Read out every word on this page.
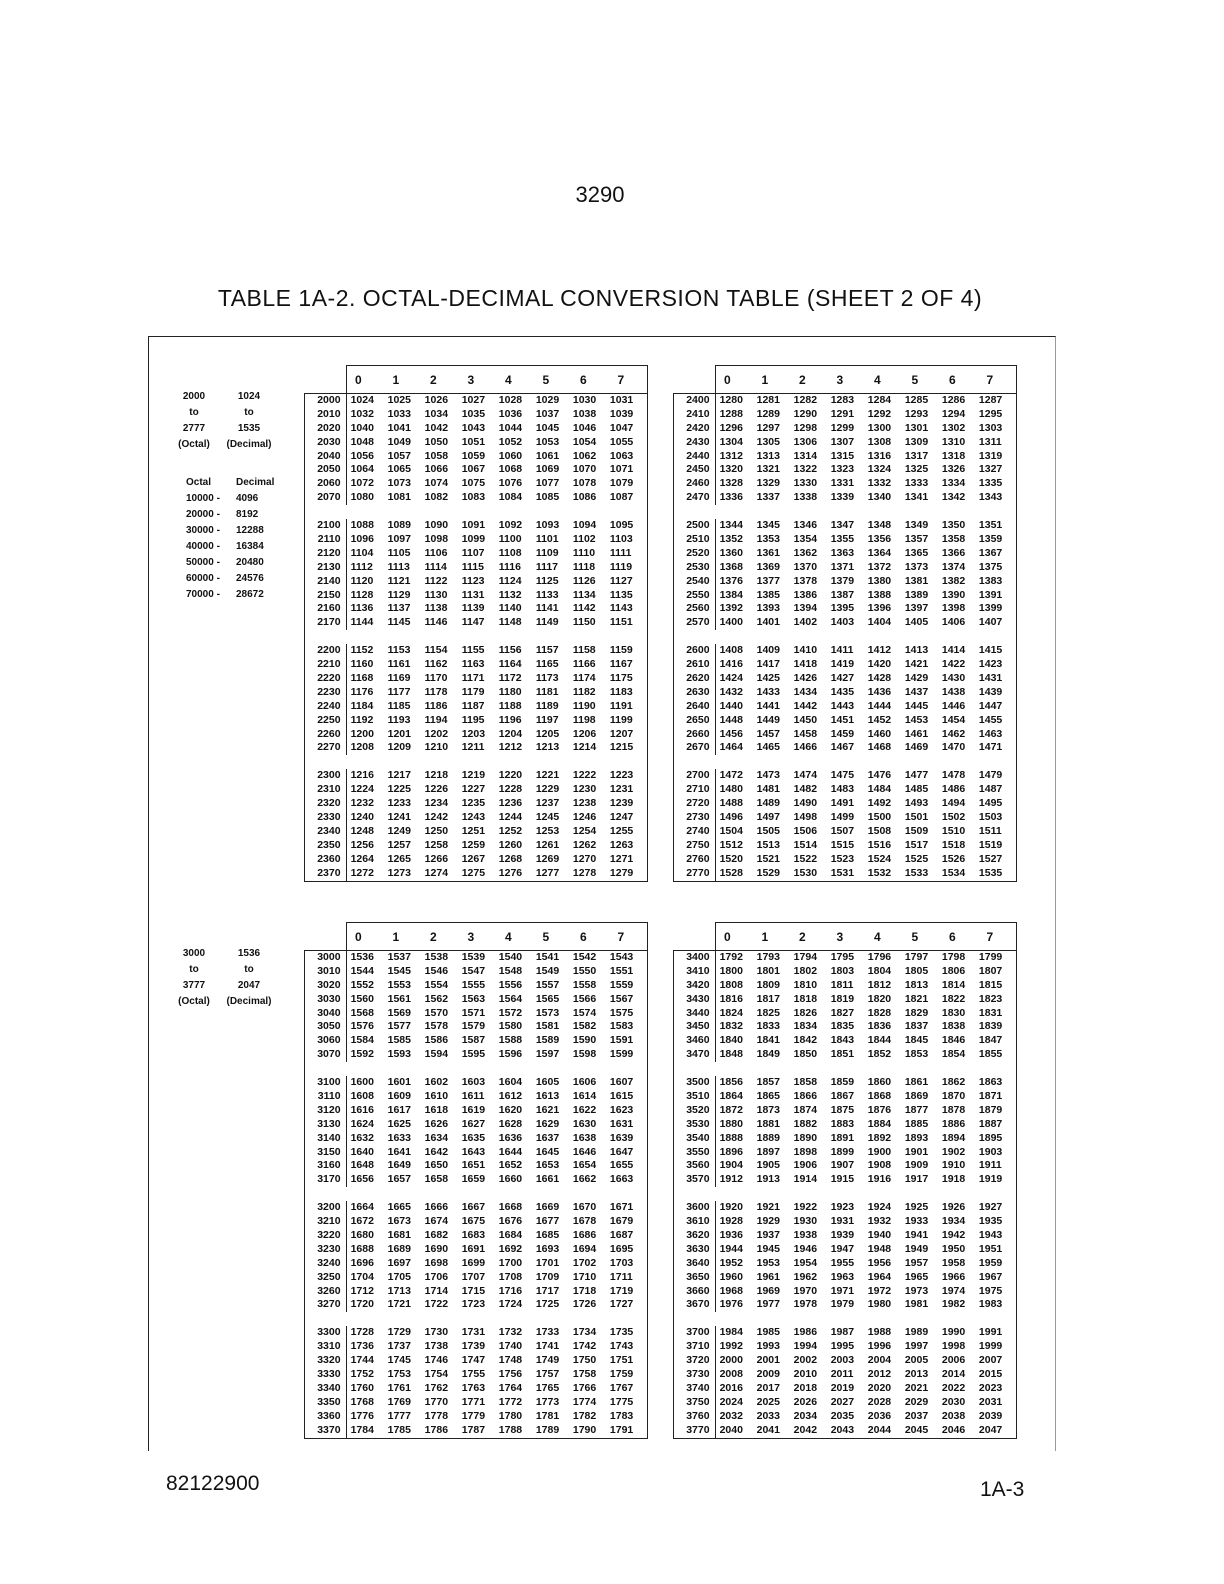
3290
TABLE 1A-2. OCTAL-DECIMAL CONVERSION TABLE (SHEET 2 OF 4)
2000	1024
to	to
2777	1535
(Octal)	(Decimal)
Octal	Decimal
10000 -	4096
20000 -	8192
30000 -	12288
40000 -	16384
50000 -	20480
60000 -	24576
70000 -	28672
0	1	2	3	4	5	6	7
2000 1024	1025	1026	1027	1028	1029	1030	1031
2010 1032	1033	1034	1035	1036	1037	1038	1039
2020 1040	1041	1042	1043	1044	1045	1046	1047
2030 1048	1049	1050	1051	1052	1053	1054	1055
2040 1056	1057	1058	1059	1060	1061	1062	1063
2050 1064	1065	1066	1067	1068	1069	1070	1071
2060 1072	1073	1074	1075	1076	1077	1078	1079
2070 1080	1081	1082	1083	1084	1085	1086	1087
2100 1088	1089	1090	1091	1092	1093	1094	1095
2110 1096	1097	1098	1099	1100	1101	1102	1103
2120 1104	1105	1106	1107	1108	1109	1110	1111
2130 1112	1113	1114	1115	1116	1117	1118	1119
2140 1120	1121	1122	1123	1124	1125	1126	1127
2150 1128	1129	1130	1131	1132	1133	1134	1135
2160 1136	1137	1138	1139	1140	1141	1142	1143
2170 1144	1145	1146	1147	1148	1149	1150	1151
2200 1152	1153	1154	1155	1156	1157	1158	1159
2210 1160	1161	1162	1163	1164	1165	1166	1167
2220 1168	1169	1170	1171	1172	1173	1174	1175
2230 1176	1177	1178	1179	1180	1181	1182	1183
2240 1184	1185	1186	1187	1188	1189	1190	1191
2250 1192	1193	1194	1195	1196	1197	1198	1199
2260 1200	1201	1202	1203	1204	1205	1206	1207
2270 1208	1209	1210	1211	1212	1213	1214	1215
2300 1216	1217	1218	1219	1220	1221	1222	1223
2310 1224	1225	1226	1227	1228	1229	1230	1231
2320 1232	1233	1234	1235	1236	1237	1238	1239
2330 1240	1241	1242	1243	1244	1245	1246	1247
2340 1248	1249	1250	1251	1252	1253	1254	1255
2350 1256	1257	1258	1259	1260	1261	1262	1263
2360 1264	1265	1266	1267	1268	1269	1270	1271
2370 1272	1273	1274	1275	1276	1277	1278	1279
0	1	2	3	4	5	6	7
2400 1280	1281	1282	1283	1284	1285	1286	1287
2410 1288	1289	1290	1291	1292	1293	1294	1295
2420 1296	1297	1298	1299	1300	1301	1302	1303
2430 1304	1305	1306	1307	1308	1309	1310	1311
2440 1312	1313	1314	1315	1316	1317	1318	1319
2450 1320	1321	1322	1323	1324	1325	1326	1327
2460 1328	1329	1330	1331	1332	1333	1334	1335
2470 1336	1337	1338	1339	1340	1341	1342	1343
2500 1344	1345	1346	1347	1348	1349	1350	1351
2510 1352	1353	1354	1355	1356	1357	1358	1359
2520 1360	1361	1362	1363	1364	1365	1366	1367
2530 1368	1369	1370	1371	1372	1373	1374	1375
2540 1376	1377	1378	1379	1380	1381	1382	1383
2550 1384	1385	1386	1387	1388	1389	1390	1391
2560 1392	1393	1394	1395	1396	1397	1398	1399
2570 1400	1401	1402	1403	1404	1405	1406	1407
2600 1408	1409	1410	1411	1412	1413	1414	1415
2610 1416	1417	1418	1419	1420	1421	1422	1423
2620 1424	1425	1426	1427	1428	1429	1430	1431
2630 1432	1433	1434	1435	1436	1437	1438	1439
2640 1440	1441	1442	1443	1444	1445	1446	1447
2650 1448	1449	1450	1451	1452	1453	1454	1455
2660 1456	1457	1458	1459	1460	1461	1462	1463
2670 1464	1465	1466	1467	1468	1469	1470	1471
2700 1472	1473	1474	1475	1476	1477	1478	1479
2710 1480	1481	1482	1483	1484	1485	1486	1487
2720 1488	1489	1490	1491	1492	1493	1494	1495
2730 1496	1497	1498	1499	1500	1501	1502	1503
2740 1504	1505	1506	1507	1508	1509	1510	1511
2750 1512	1513	1514	1515	1516	1517	1518	1519
2760 1520	1521	1522	1523	1524	1525	1526	1527
2770 1528	1529	1530	1531	1532	1533	1534	1535
3000	1536
to	to
3777	2047
(Octal)	(Decimal)
0	1	2	3	4	5	6	7
3000 1536	1537	1538	1539	1540	1541	1542	1543
3010 1544	1545	1546	1547	1548	1549	1550	1551
3020 1552	1553	1554	1555	1556	1557	1558	1559
3030 1560	1561	1562	1563	1564	1565	1566	1567
3040 1568	1569	1570	1571	1572	1573	1574	1575
3050 1576	1577	1578	1579	1580	1581	1582	1583
3060 1584	1585	1586	1587	1588	1589	1590	1591
3070 1592	1593	1594	1595	1596	1597	1598	1599
3100 1600	1601	1602	1603	1604	1605	1606	1607
3110 1608	1609	1610	1611	1612	1613	1614	1615
3120 1616	1617	1618	1619	1620	1621	1622	1623
3130 1624	1625	1626	1627	1628	1629	1630	1631
3140 1632	1633	1634	1635	1636	1637	1638	1639
3150 1640	1641	1642	1643	1644	1645	1646	1647
3160 1648	1649	1650	1651	1652	1653	1654	1655
3170 1656	1657	1658	1659	1660	1661	1662	1663
3200 1664	1665	1666	1667	1668	1669	1670	1671
3210 1672	1673	1674	1675	1676	1677	1678	1679
3220 1680	1681	1682	1683	1684	1685	1686	1687
3230 1688	1689	1690	1691	1692	1693	1694	1695
3240 1696	1697	1698	1699	1700	1701	1702	1703
3250 1704	1705	1706	1707	1708	1709	1710	1711
3260 1712	1713	1714	1715	1716	1717	1718	1719
3270 1720	1721	1722	1723	1724	1725	1726	1727
3300 1728	1729	1730	1731	1732	1733	1734	1735
3310 1736	1737	1738	1739	1740	1741	1742	1743
3320 1744	1745	1746	1747	1748	1749	1750	1751
3330 1752	1753	1754	1755	1756	1757	1758	1759
3340 1760	1761	1762	1763	1764	1765	1766	1767
3350 1768	1769	1770	1771	1772	1773	1774	1775
3360 1776	1777	1778	1779	1780	1781	1782	1783
3370 1784	1785	1786	1787	1788	1789	1790	1791
0	1	2	3	4	5	6	7
3400 1792	1793	1794	1795	1796	1797	1798	1799
3410 1800	1801	1802	1803	1804	1805	1806	1807
3420 1808	1809	1810	1811	1812	1813	1814	1815
3430 1816	1817	1818	1819	1820	1821	1822	1823
3440 1824	1825	1826	1827	1828	1829	1830	1831
3450 1832	1833	1834	1835	1836	1837	1838	1839
3460 1840	1841	1842	1843	1844	1845	1846	1847
3470 1848	1849	1850	1851	1852	1853	1854	1855
3500 1856	1857	1858	1859	1860	1861	1862	1863
3510 1864	1865	1866	1867	1868	1869	1870	1871
3520 1872	1873	1874	1875	1876	1877	1878	1879
3530 1880	1881	1882	1883	1884	1885	1886	1887
3540 1888	1889	1890	1891	1892	1893	1894	1895
3550 1896	1897	1898	1899	1900	1901	1902	1903
3560 1904	1905	1906	1907	1908	1909	1910	1911
3570 1912	1913	1914	1915	1916	1917	1918	1919
3600 1920	1921	1922	1923	1924	1925	1926	1927
3610 1928	1929	1930	1931	1932	1933	1934	1935
3620 1936	1937	1938	1939	1940	1941	1942	1943
3630 1944	1945	1946	1947	1948	1949	1950	1951
3640 1952	1953	1954	1955	1956	1957	1958	1959
3650 1960	1961	1962	1963	1964	1965	1966	1967
3660 1968	1969	1970	1971	1972	1973	1974	1975
3670 1976	1977	1978	1979	1980	1981	1982	1983
3700 1984	1985	1986	1987	1988	1989	1990	1991
3710 1992	1993	1994	1995	1996	1997	1998	1999
3720 2000	2001	2002	2003	2004	2005	2006	2007
3730 2008	2009	2010	2011	2012	2013	2014	2015
3740 2016	2017	2018	2019	2020	2021	2022	2023
3750 2024	2025	2026	2027	2028	2029	2030	2031
3760 2032	2033	2034	2035	2036	2037	2038	2039
3770 2040	2041	2042	2043	2044	2045	2046	2047
82122900	1A-3
